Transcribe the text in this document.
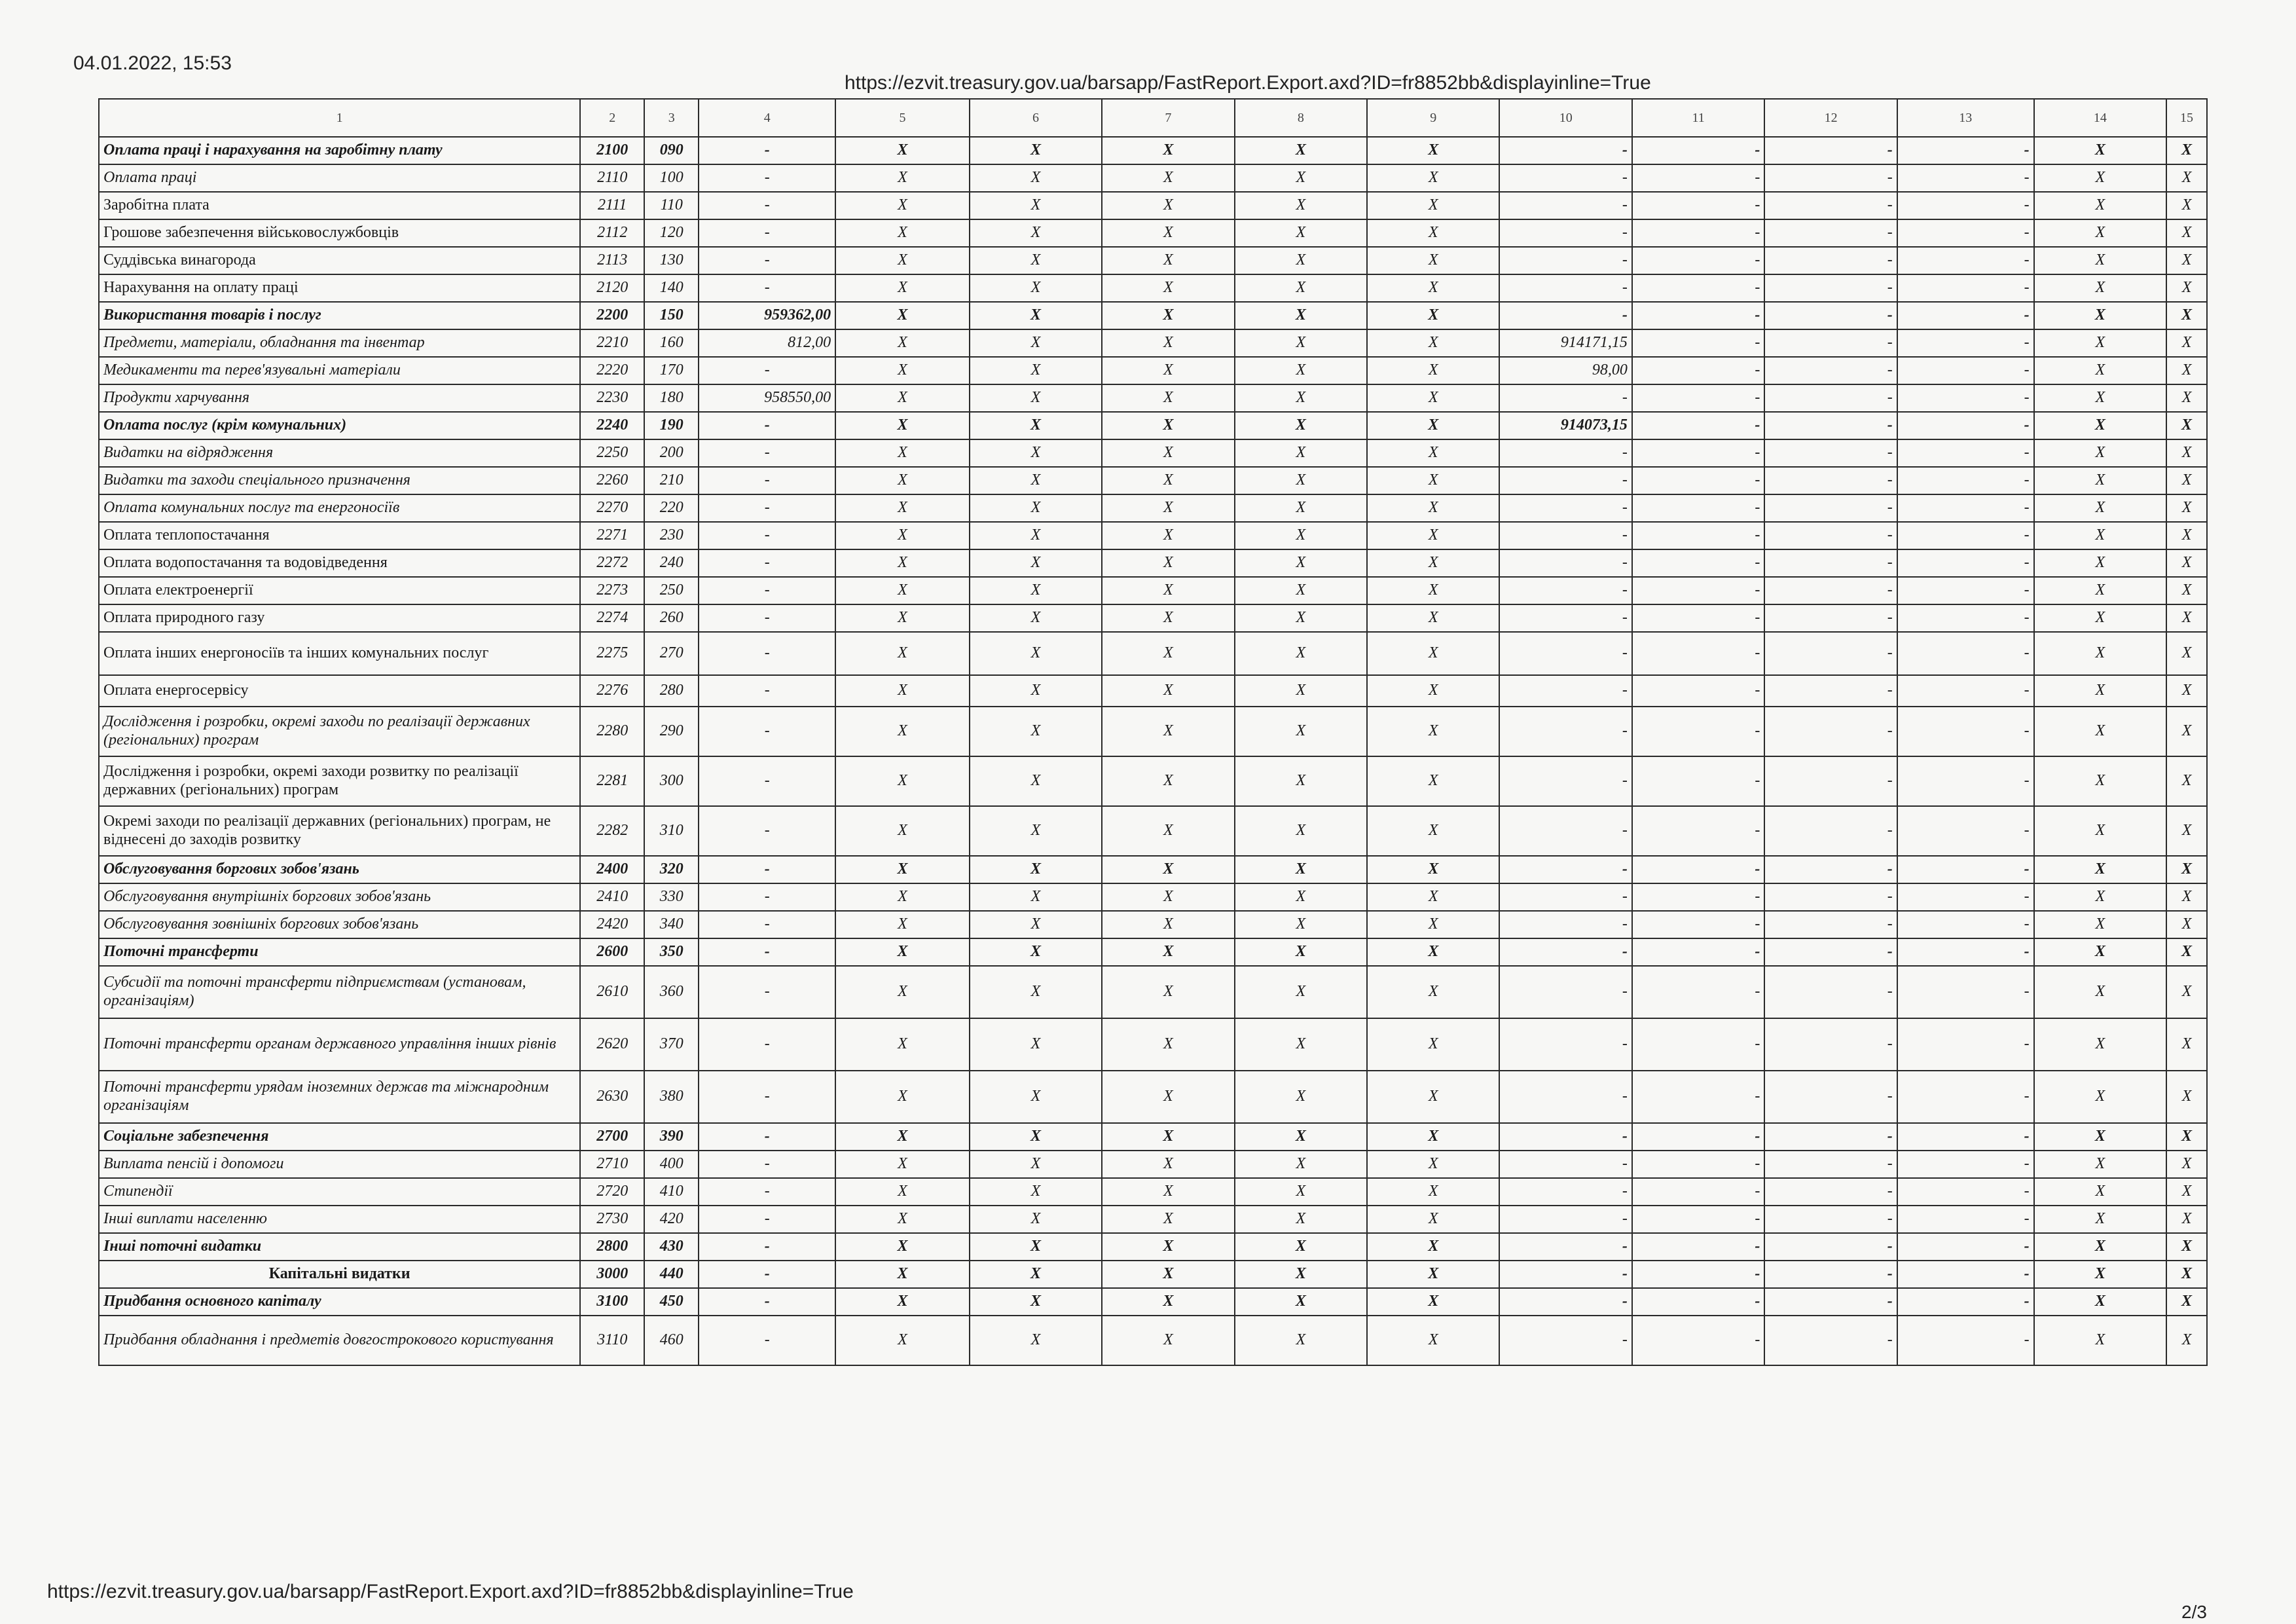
04.01.2022, 15:53
https://ezvit.treasury.gov.ua/barsapp/FastReport.Export.axd?ID=fr8852bb&displayinline=True
1	2	3	4	5	6	7	8	9	10	11	12	13	14	15
Оплата праці і нарахування на заробітну плату	2100	090	-	X	X	X	X	X	-	-	-	-	X	X
Оплата праці	2110	100	-	X	X	X	X	X	-	-	-	-	X	X
Заробітна плата	2111	110	-	X	X	X	X	X	-	-	-	-	X	X
Грошове забезпечення військовослужбовців	2112	120	-	X	X	X	X	X	-	-	-	-	X	X
Суддівська винагорода	2113	130	-	X	X	X	X	X	-	-	-	-	X	X
Нарахування на оплату праці	2120	140	-	X	X	X	X	X	-	-	-	-	X	X
Використання товарів і послуг	2200	150	959362,00	X	X	X	X	X	-	-	-	-	X	X
Предмети, матеріали, обладнання та інвентар	2210	160	812,00	X	X	X	X	X	914171,15	-	-	-	X	X
Медикаменти та перев'язувальні матеріали	2220	170	-	X	X	X	X	X	98,00	-	-	-	X	X
Продукти харчування	2230	180	958550,00	X	X	X	X	X	-	-	-	-	X	X
Оплата послуг (крім комунальних)	2240	190	-	X	X	X	X	X	914073,15	-	-	-	X	X
Видатки на відрядження	2250	200	-	X	X	X	X	X	-	-	-	-	X	X
Видатки та заходи спеціального призначення	2260	210	-	X	X	X	X	X	-	-	-	-	X	X
Оплата комунальних послуг та енергоносіїв	2270	220	-	X	X	X	X	X	-	-	-	-	X	X
Оплата теплопостачання	2271	230	-	X	X	X	X	X	-	-	-	-	X	X
Оплата водопостачання та водовідведення	2272	240	-	X	X	X	X	X	-	-	-	-	X	X
Оплата електроенергії	2273	250	-	X	X	X	X	X	-	-	-	-	X	X
Оплата природного газу	2274	260	-	X	X	X	X	X	-	-	-	-	X	X
Оплата інших енергоносіїв та інших комунальних послуг	2275	270	-	X	X	X	X	X	-	-	-	-	X	X
Оплата енергосервісу	2276	280	-	X	X	X	X	X	-	-	-	-	X	X
Дослідження і розробки, окремі заходи по реалізації державних (регіональних) програм	2280	290	-	X	X	X	X	X	-	-	-	-	X	X
Дослідження і розробки, окремі заходи розвитку по реалізації державних (регіональних) програм	2281	300	-	X	X	X	X	X	-	-	-	-	X	X
Окремі заходи по реалізації державних (регіональних) програм, не віднесені до заходів розвитку	2282	310	-	X	X	X	X	X	-	-	-	-	X	X
Обслуговування боргових зобов'язань	2400	320	-	X	X	X	X	X	-	-	-	-	X	X
Обслуговування внутрішніх боргових зобов'язань	2410	330	-	X	X	X	X	X	-	-	-	-	X	X
Обслуговування зовнішніх боргових зобов'язань	2420	340	-	X	X	X	X	X	-	-	-	-	X	X
Поточні трансферти	2600	350	-	X	X	X	X	X	-	-	-	-	X	X
Субсидії та поточні трансферти підприємствам (установам, організаціям)	2610	360	-	X	X	X	X	X	-	-	-	-	X	X
Поточні трансферти органам державного управління інших рівнів	2620	370	-	X	X	X	X	X	-	-	-	-	X	X
Поточні трансферти урядам іноземних держав та міжнародним організаціям	2630	380	-	X	X	X	X	X	-	-	-	-	X	X
Соціальне забезпечення	2700	390	-	X	X	X	X	X	-	-	-	-	X	X
Виплата пенсій і допомоги	2710	400	-	X	X	X	X	X	-	-	-	-	X	X
Стипендії	2720	410	-	X	X	X	X	X	-	-	-	-	X	X
Інші виплати населенню	2730	420	-	X	X	X	X	X	-	-	-	-	X	X
Інші поточні видатки	2800	430	-	X	X	X	X	X	-	-	-	-	X	X
Капітальні видатки	3000	440	-	X	X	X	X	X	-	-	-	-	X	X
Придбання основного капіталу	3100	450	-	X	X	X	X	X	-	-	-	-	X	X
Придбання обладнання і предметів довгострокового користування	3110	460	-	X	X	X	X	X	-	-	-	-	X	X
https://ezvit.treasury.gov.ua/barsapp/FastReport.Export.axd?ID=fr8852bb&displayinline=True
2/3
